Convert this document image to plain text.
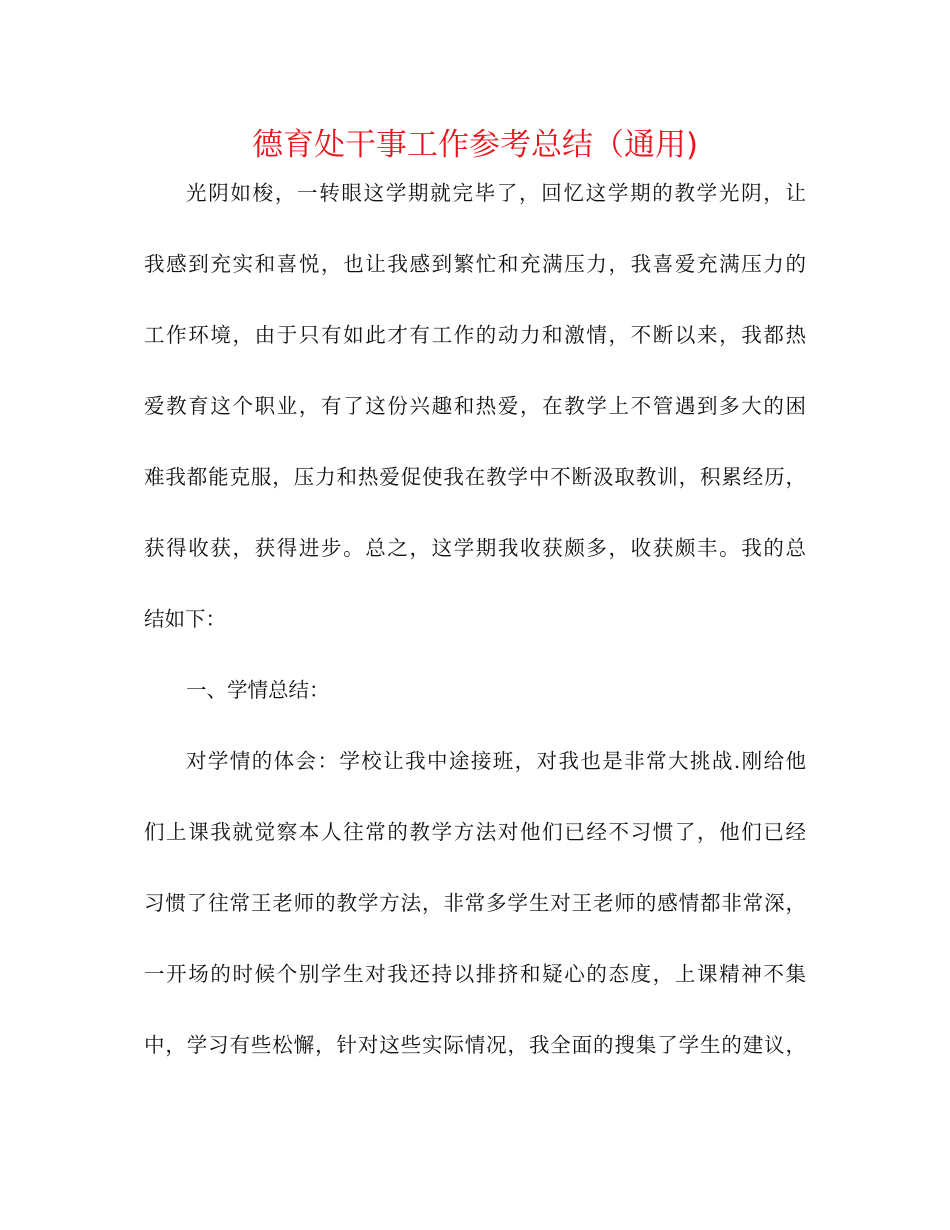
德育处干事工作参考总结（通用)
光阴如梭，一转眼这学期就完毕了，回忆这学期的教学光阴，让
我感到充实和喜悦，也让我感到繁忙和充满压力，我喜爱充满压力的
工作环境，由于只有如此才有工作的动力和激情，不断以来，我都热
爱教育这个职业，有了这份兴趣和热爱，在教学上不管遇到多大的困
难我都能克服，压力和热爱促使我在教学中不断汲取教训，积累经历，
获得收获，获得进步。总之，这学期我收获颇多，收获颇丰。我的总
结如下：
一、学情总结：
对学情的体会：学校让我中途接班，对我也是非常大挑战.刚给他
们上课我就觉察本人往常的教学方法对他们已经不习惯了，他们已经
习惯了往常王老师的教学方法，非常多学生对王老师的感情都非常深，
一开场的时候个别学生对我还持以排挤和疑心的态度，上课精神不集
中，学习有些松懈，针对这些实际情况，我全面的搜集了学生的建议，
